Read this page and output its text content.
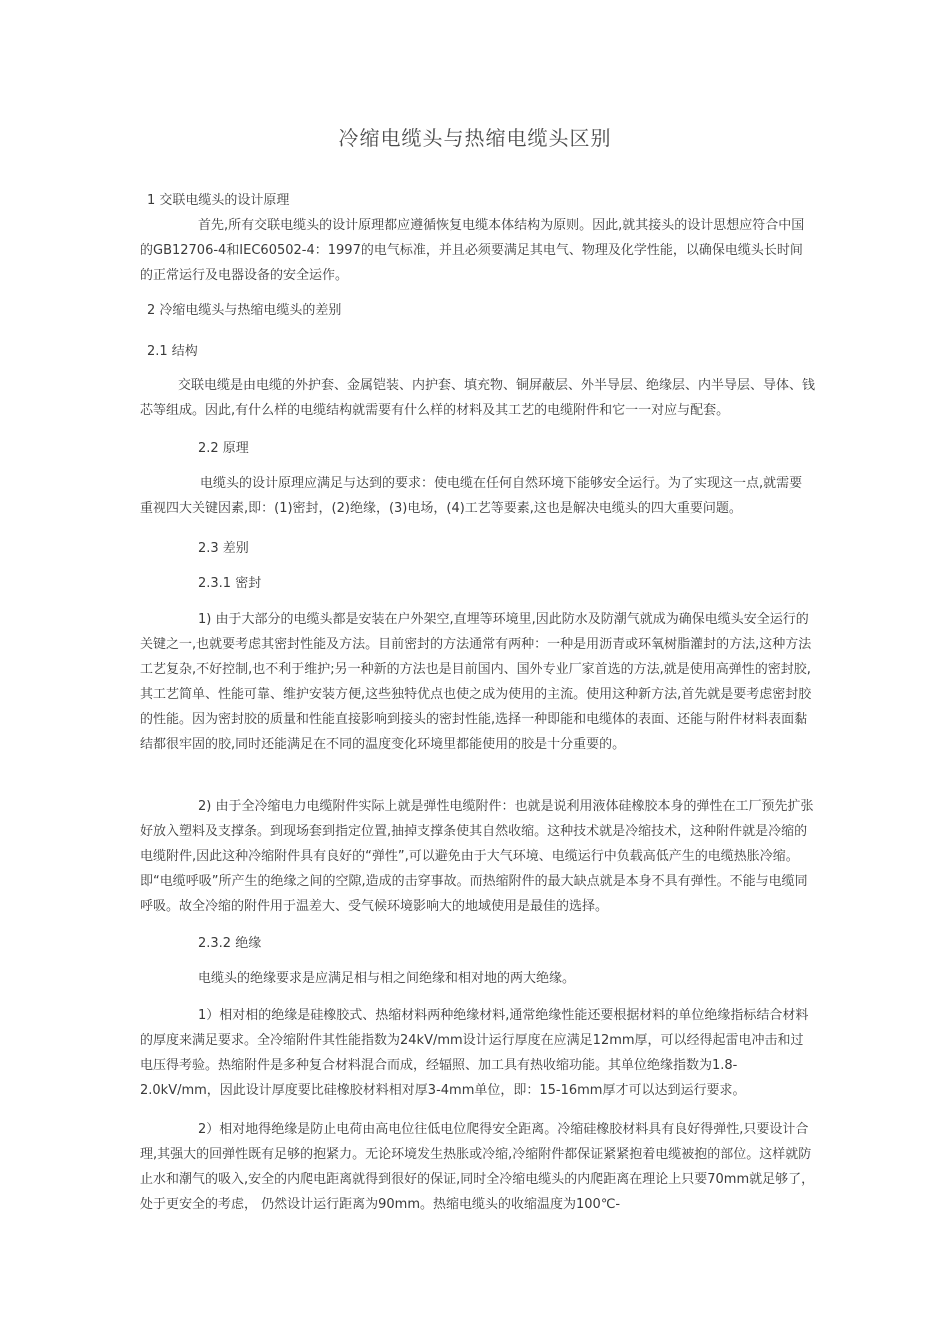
冷缩电缆头与热缩电缆头区别
1 交联电缆头的设计原理
首先,所有交联电缆头的设计原理都应遵循恢复电缆本体结构为原则。因此,就其接头的设计思想应符合中国的GB12706-4和IEC60502-4：1997的电气标准，并且必须要满足其电气、物理及化学性能，以确保电缆头长时间的正常运行及电器设备的安全运作。
2 冷缩电缆头与热缩电缆头的差别
2.1 结构
交联电缆是由电缆的外护套、金属铠装、内护套、填充物、铜屏蔽层、外半导层、绝缘层、内半导层、导体、钱芯等组成。因此,有什么样的电缆结构就需要有什么样的材料及其工艺的电缆附件和它一一对应与配套。
2.2 原理
电缆头的设计原理应满足与达到的要求：使电缆在任何自然环境下能够安全运行。为了实现这一点,就需要重视四大关键因素,即：(1)密封，(2)绝缘，(3)电场，(4)工艺等要素,这也是解决电缆头的四大重要问题。
2.3 差别
2.3.1 密封
1) 由于大部分的电缆头都是安装在户外架空,直埋等环境里,因此防水及防潮气就成为确保电缆头安全运行的关键之一,也就要考虑其密封性能及方法。目前密封的方法通常有两种：一种是用沥青或环氧树脂灌封的方法,这种方法工艺复杂,不好控制,也不利于维护;另一种新的方法也是目前国内、国外专业厂家首选的方法,就是使用高弹性的密封胶,其工艺简单、性能可靠、维护安装方便,这些独特优点也使之成为使用的主流。使用这种新方法,首先就是要考虑密封胶的性能。因为密封胶的质量和性能直接影响到接头的密封性能,选择一种即能和电缆体的表面、还能与附件材料表面黏结都很牢固的胶,同时还能满足在不同的温度变化环境里都能使用的胶是十分重要的。
2) 由于全冷缩电力电缆附件实际上就是弹性电缆附件：也就是说利用液体硅橡胶本身的弹性在工厂预先扩张好放入塑料及支撑条。到现场套到指定位置,抽掉支撑条使其自然收缩。这种技术就是冷缩技术，这种附件就是冷缩的电缆附件,因此这种冷缩附件具有良好的“弹性”,可以避免由于大气环境、电缆运行中负载高低产生的电缆热胀冷缩。即“电缆呼吸”所产生的绝缘之间的空隙,造成的击穿事故。而热缩附件的最大缺点就是本身不具有弹性。不能与电缆同呼吸。故全冷缩的附件用于温差大、受气候环境影响大的地域使用是最佳的选择。
2.3.2 绝缘
电缆头的绝缘要求是应满足相与相之间绝缘和相对地的两大绝缘。
1）相对相的绝缘是硅橡胶式、热缩材料两种绝缘材料,通常绝缘性能还要根据材料的单位绝缘指标结合材料的厚度来满足要求。全冷缩附件其性能指数为24kV/mm设计运行厚度在应满足12mm厚，可以经得起雷电冲击和过电压得考验。热缩附件是多种复合材料混合而成，经辐照、加工具有热收缩功能。其单位绝缘指数为1.8-2.0kV/mm，因此设计厚度要比硅橡胶材料相对厚3-4mm单位，即：15-16mm厚才可以达到运行要求。
2）相对地得绝缘是防止电荷由高电位往低电位爬得安全距离。冷缩硅橡胶材料具有良好得弹性,只要设计合理,其强大的回弹性既有足够的抱紧力。无论环境发生热胀或冷缩,冷缩附件都保证紧紧抱着电缆被抱的部位。这样就防止水和潮气的吸入,安全的内爬电距离就得到很好的保证,同时全冷缩电缆头的内爬距离在理论上只要70mm就足够了， 处于更安全的考虑， 仍然设计运行距离为90mm。热缩电缆头的收缩温度为100℃-
